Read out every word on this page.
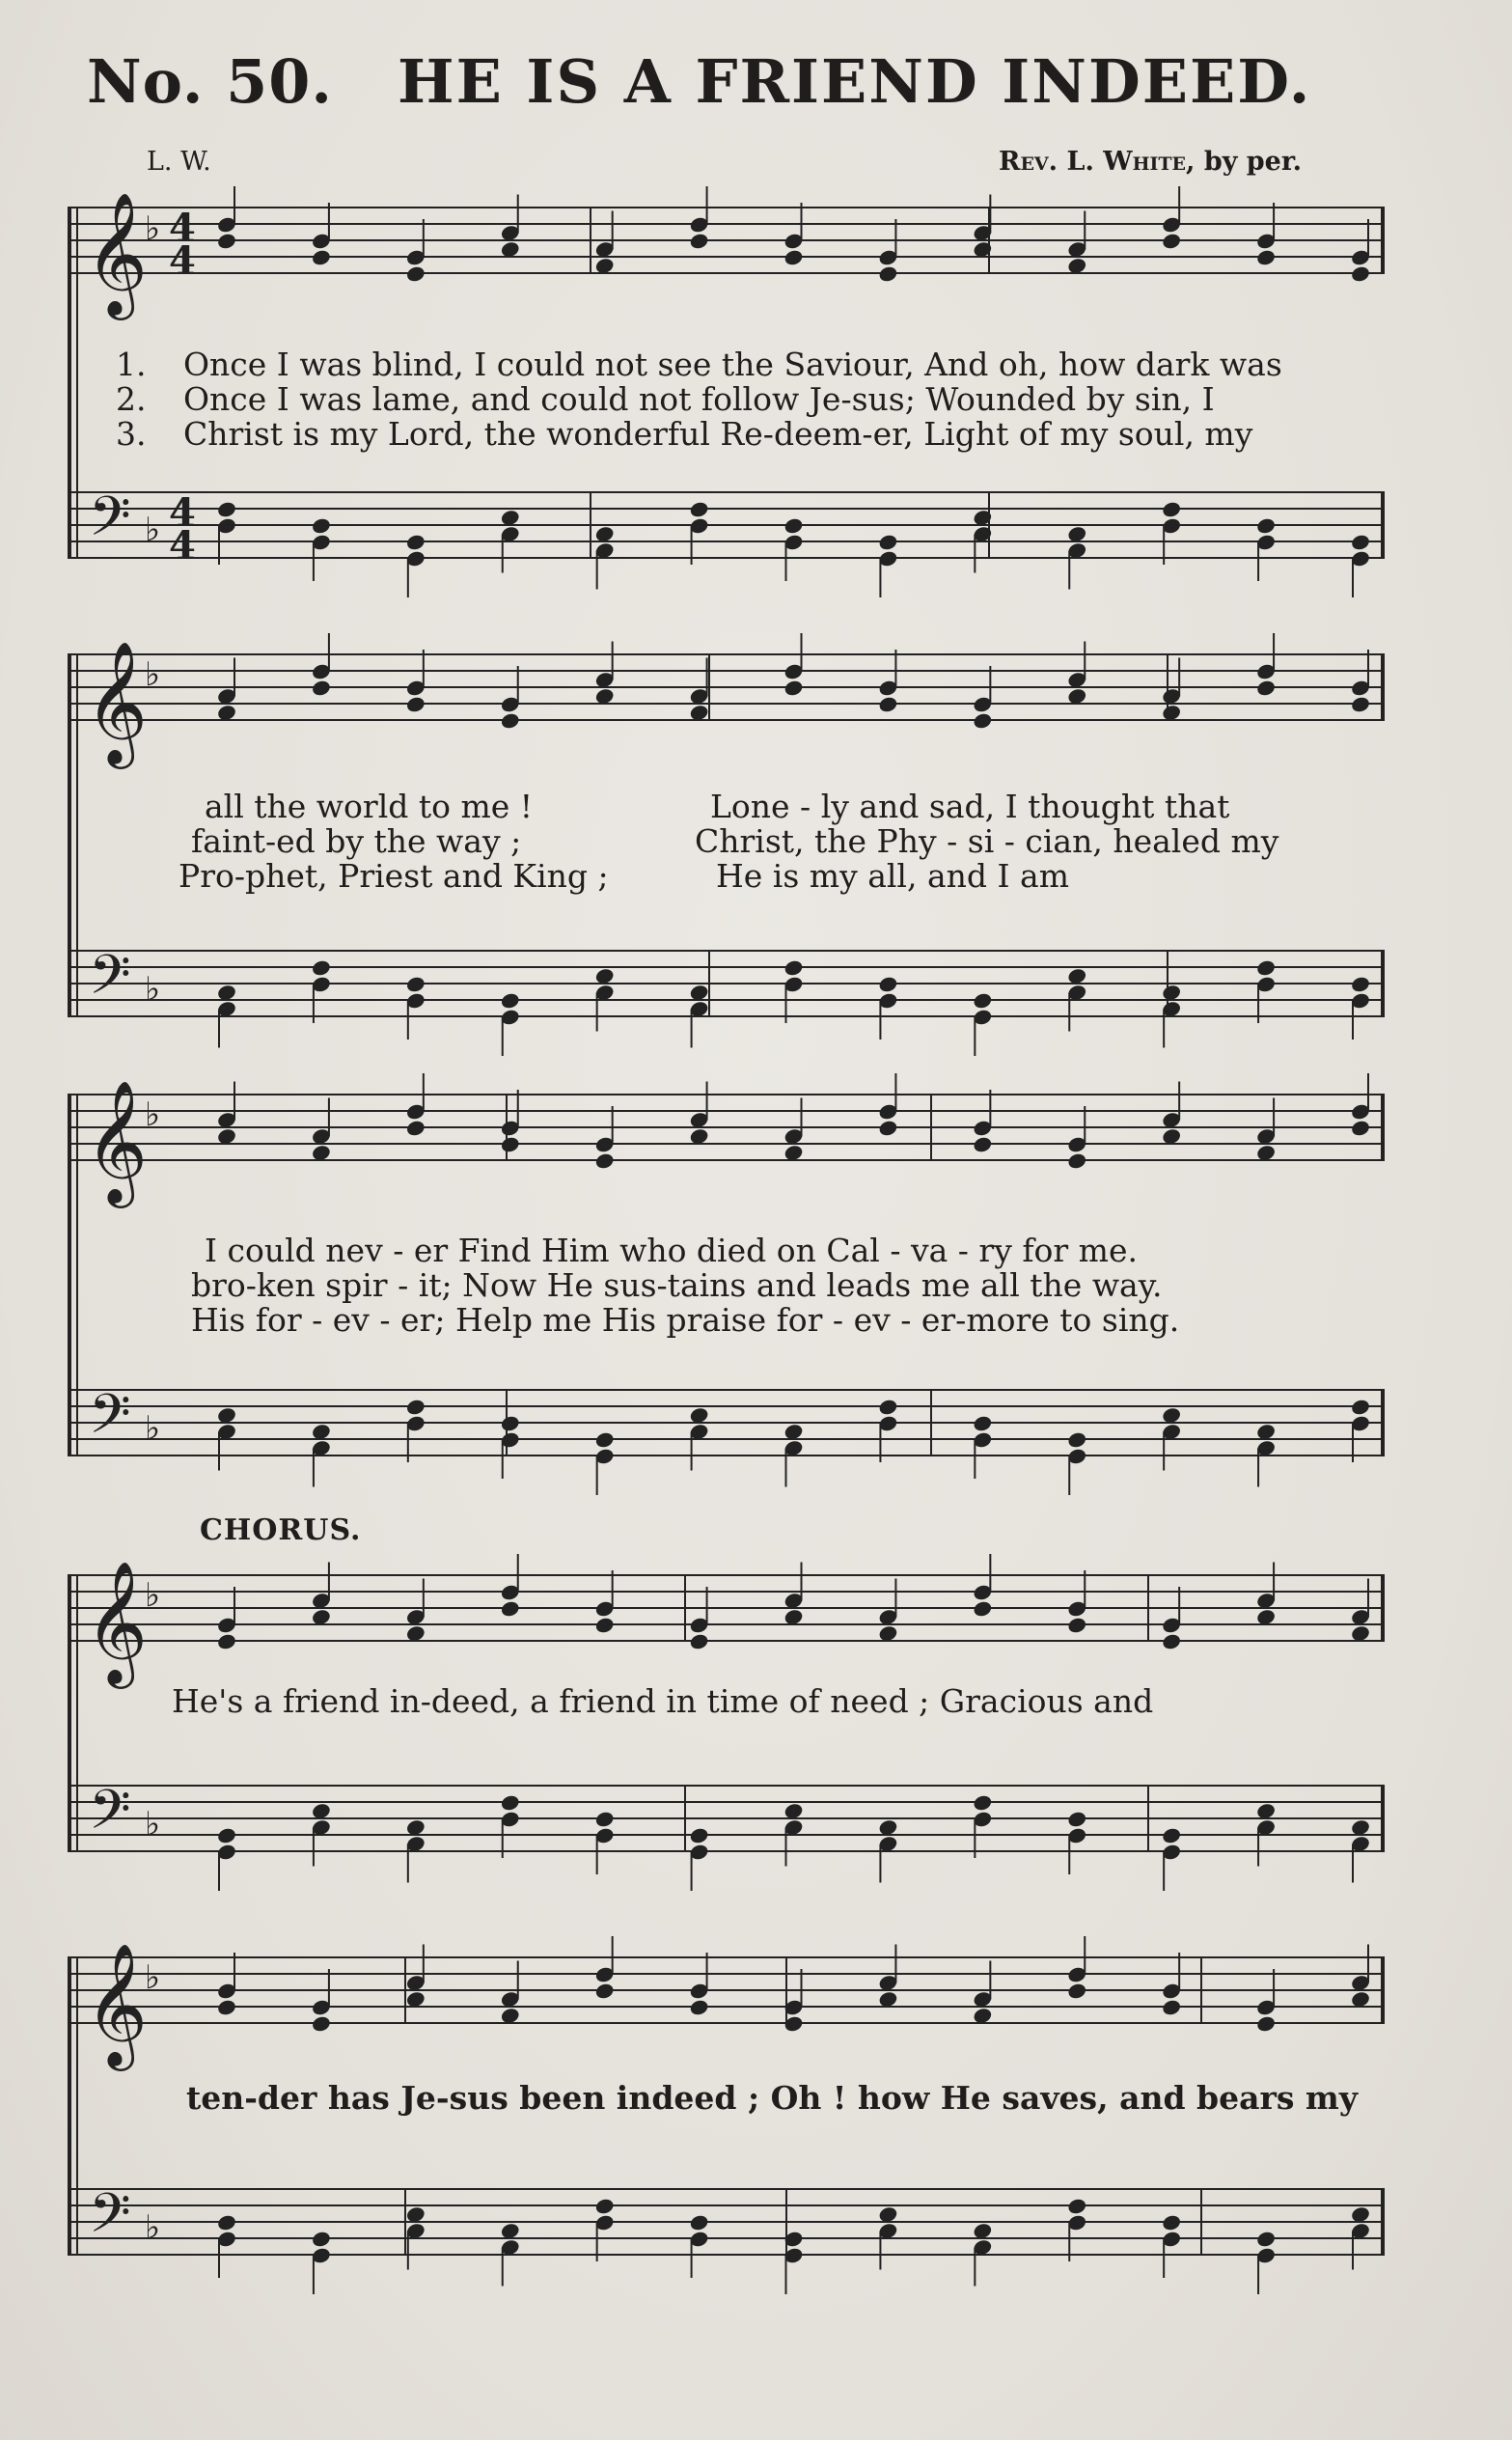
No. 50. HE IS A FRIEND INDEED.
L. W.	Rev. L. White, by per.
𝄞
♭ 4
4
𝄢 ♭ 4
4
1. Once I was blind, I could not see the Saviour, And oh, how dark was
2. Once I was lame, and could not follow Je-sus; Wounded by sin, I
3. Christ is my Lord, the wonderful Re-deem-er, Light of my soul, my
𝄞
♭
𝄢 ♭
all the world to me !	Lone - ly and sad, I thought that
faint-ed by the way ;	Christ, the Phy - si - cian, healed my
Pro-phet, Priest and King ;	He is my all, and I am
𝄞
♭
𝄢 ♭
I could nev - er Find Him who died on Cal - va - ry for me.
bro-ken spir - it; Now He sus-tains and leads me all the way.
His for - ev - er; Help me His praise for - ev - er-more to sing.
CHORUS.
𝄞
♭
𝄢 ♭
He's a friend in-deed, a friend in time of need ; Gracious and
𝄞
♭
𝄢 ♭
ten-der has Je-sus been indeed ; Oh ! how He saves, and bears my
